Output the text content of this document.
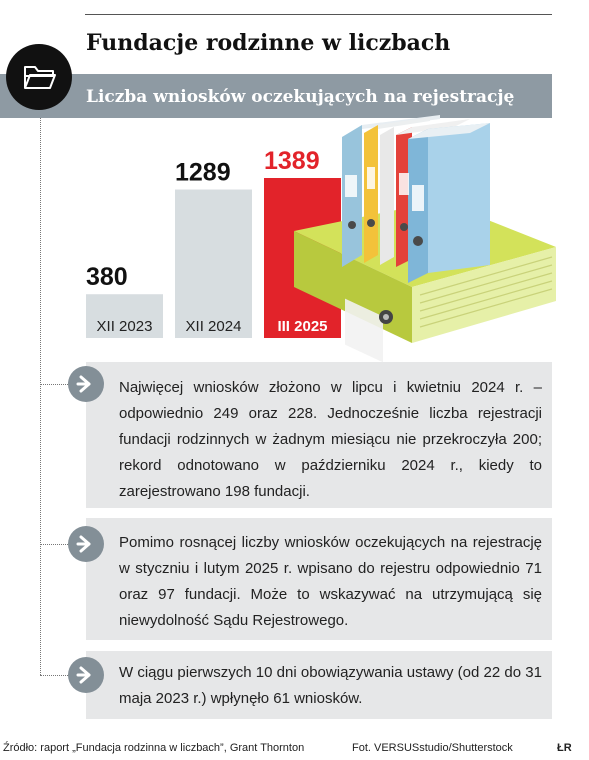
Fundacje rodzinne w liczbach
Liczba wniosków oczekujących na rejestrację
XII 2023
380
XII 2024
1289
III 2025
1389

Najwięcej wniosków złożono w lipcu i kwietniu 2024 r. – odpowiednio 249 oraz 228. Jednocześnie liczba rejestracji fundacji rodzinnych w żadnym miesiącu nie przekroczyła 200; rekord odnotowano w październiku 2024 r., kiedy to zarejestrowano 198 fundacji.

Pomimo rosnącej liczby wniosków oczekujących na rejestrację w styczniu i lutym 2025 r. wpisano do rejestru odpowiednio 71 oraz 97 fundacji. Może to wskazywać na utrzymującą się niewydolność Sądu Rejestrowego.

W ciągu pierwszych 10 dni obowiązywania ustawy (od 22 do 31 maja 2023 r.) wpłynęło 61 wniosków.

Źródło: raport „Fundacja rodzinna w liczbach”, Grant Thornton	Fot. VERSUSstudio/Shutterstock	ŁR
